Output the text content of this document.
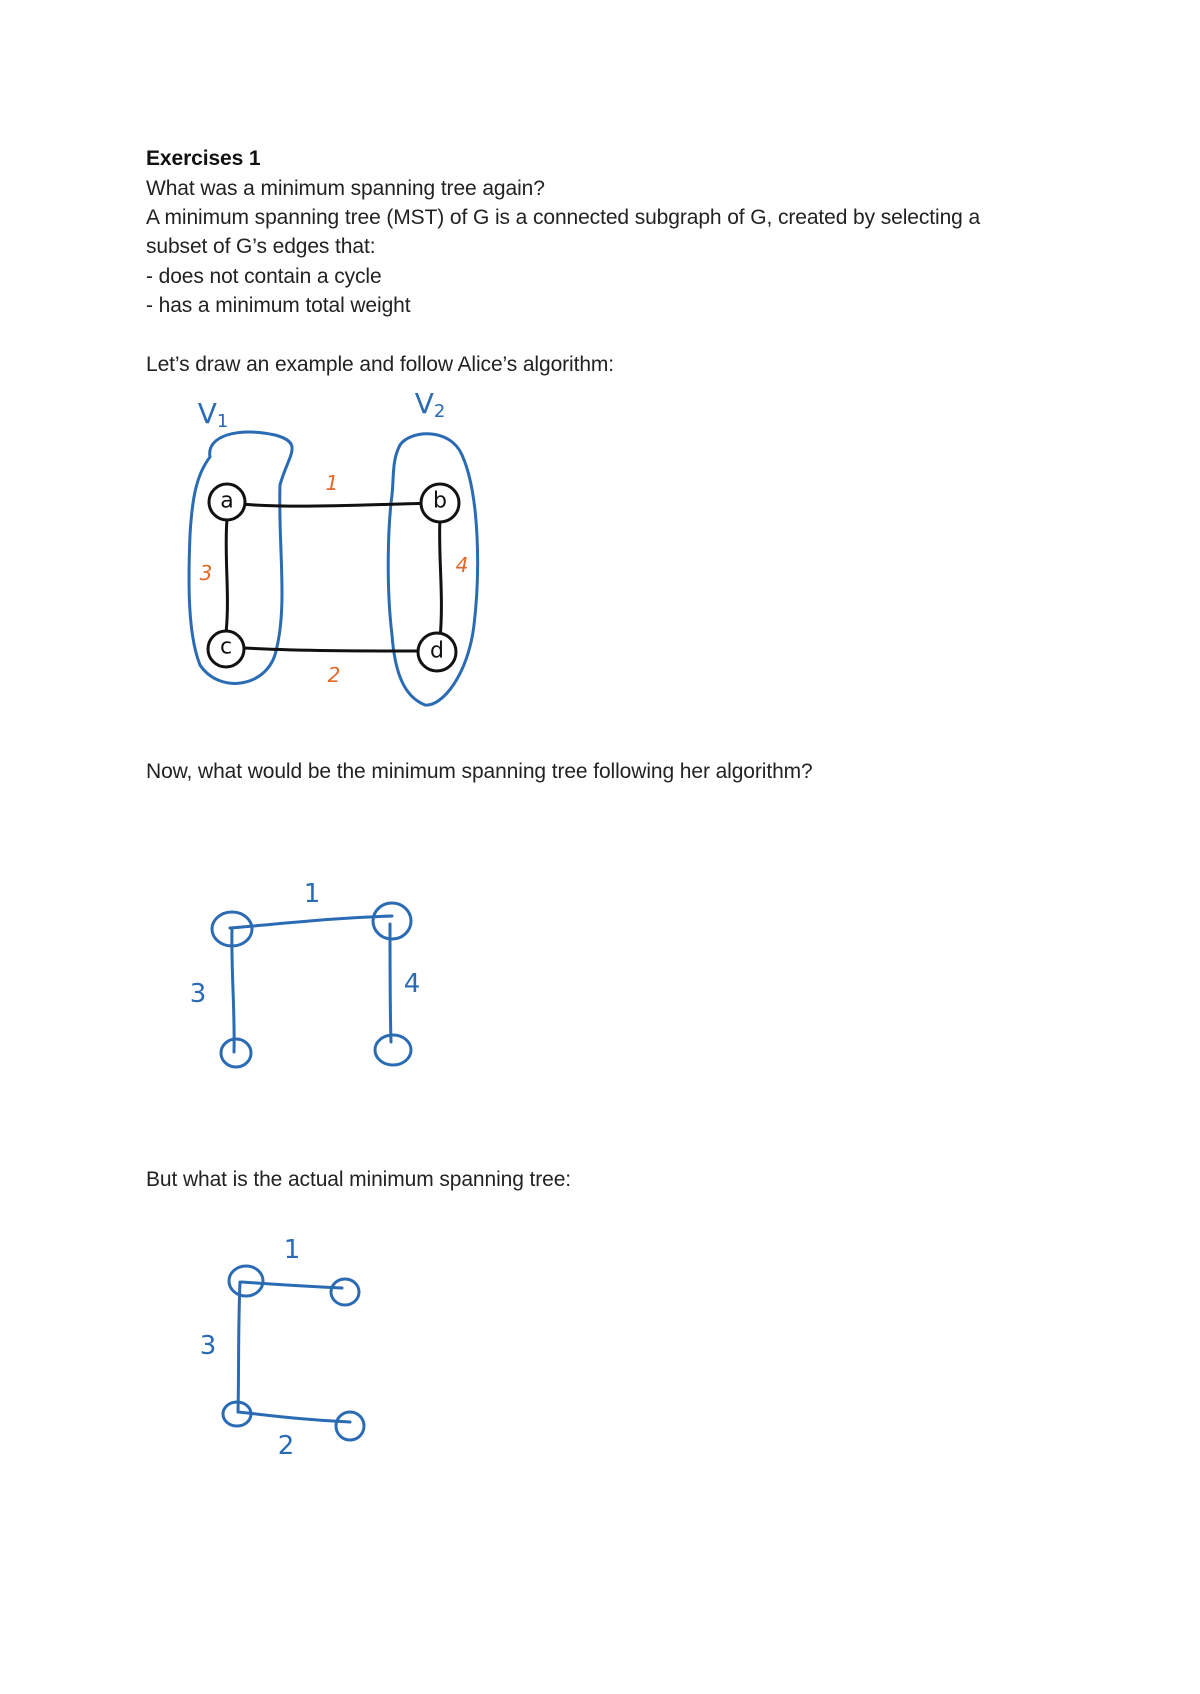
Exercises 1
What was a minimum spanning tree again?
A minimum spanning tree (MST) of G is a connected subgraph of G, created by selecting a
subset of G’s edges that:
- does not contain a cycle
- has a minimum total weight
Let’s draw an example and follow Alice’s algorithm:
a	b
c	d
1
3	4
2
$V_1$
$V_2$
Now, what would be the minimum spanning tree following her algorithm?
1
3	4
But what is the actual minimum spanning tree:
1
3
2
